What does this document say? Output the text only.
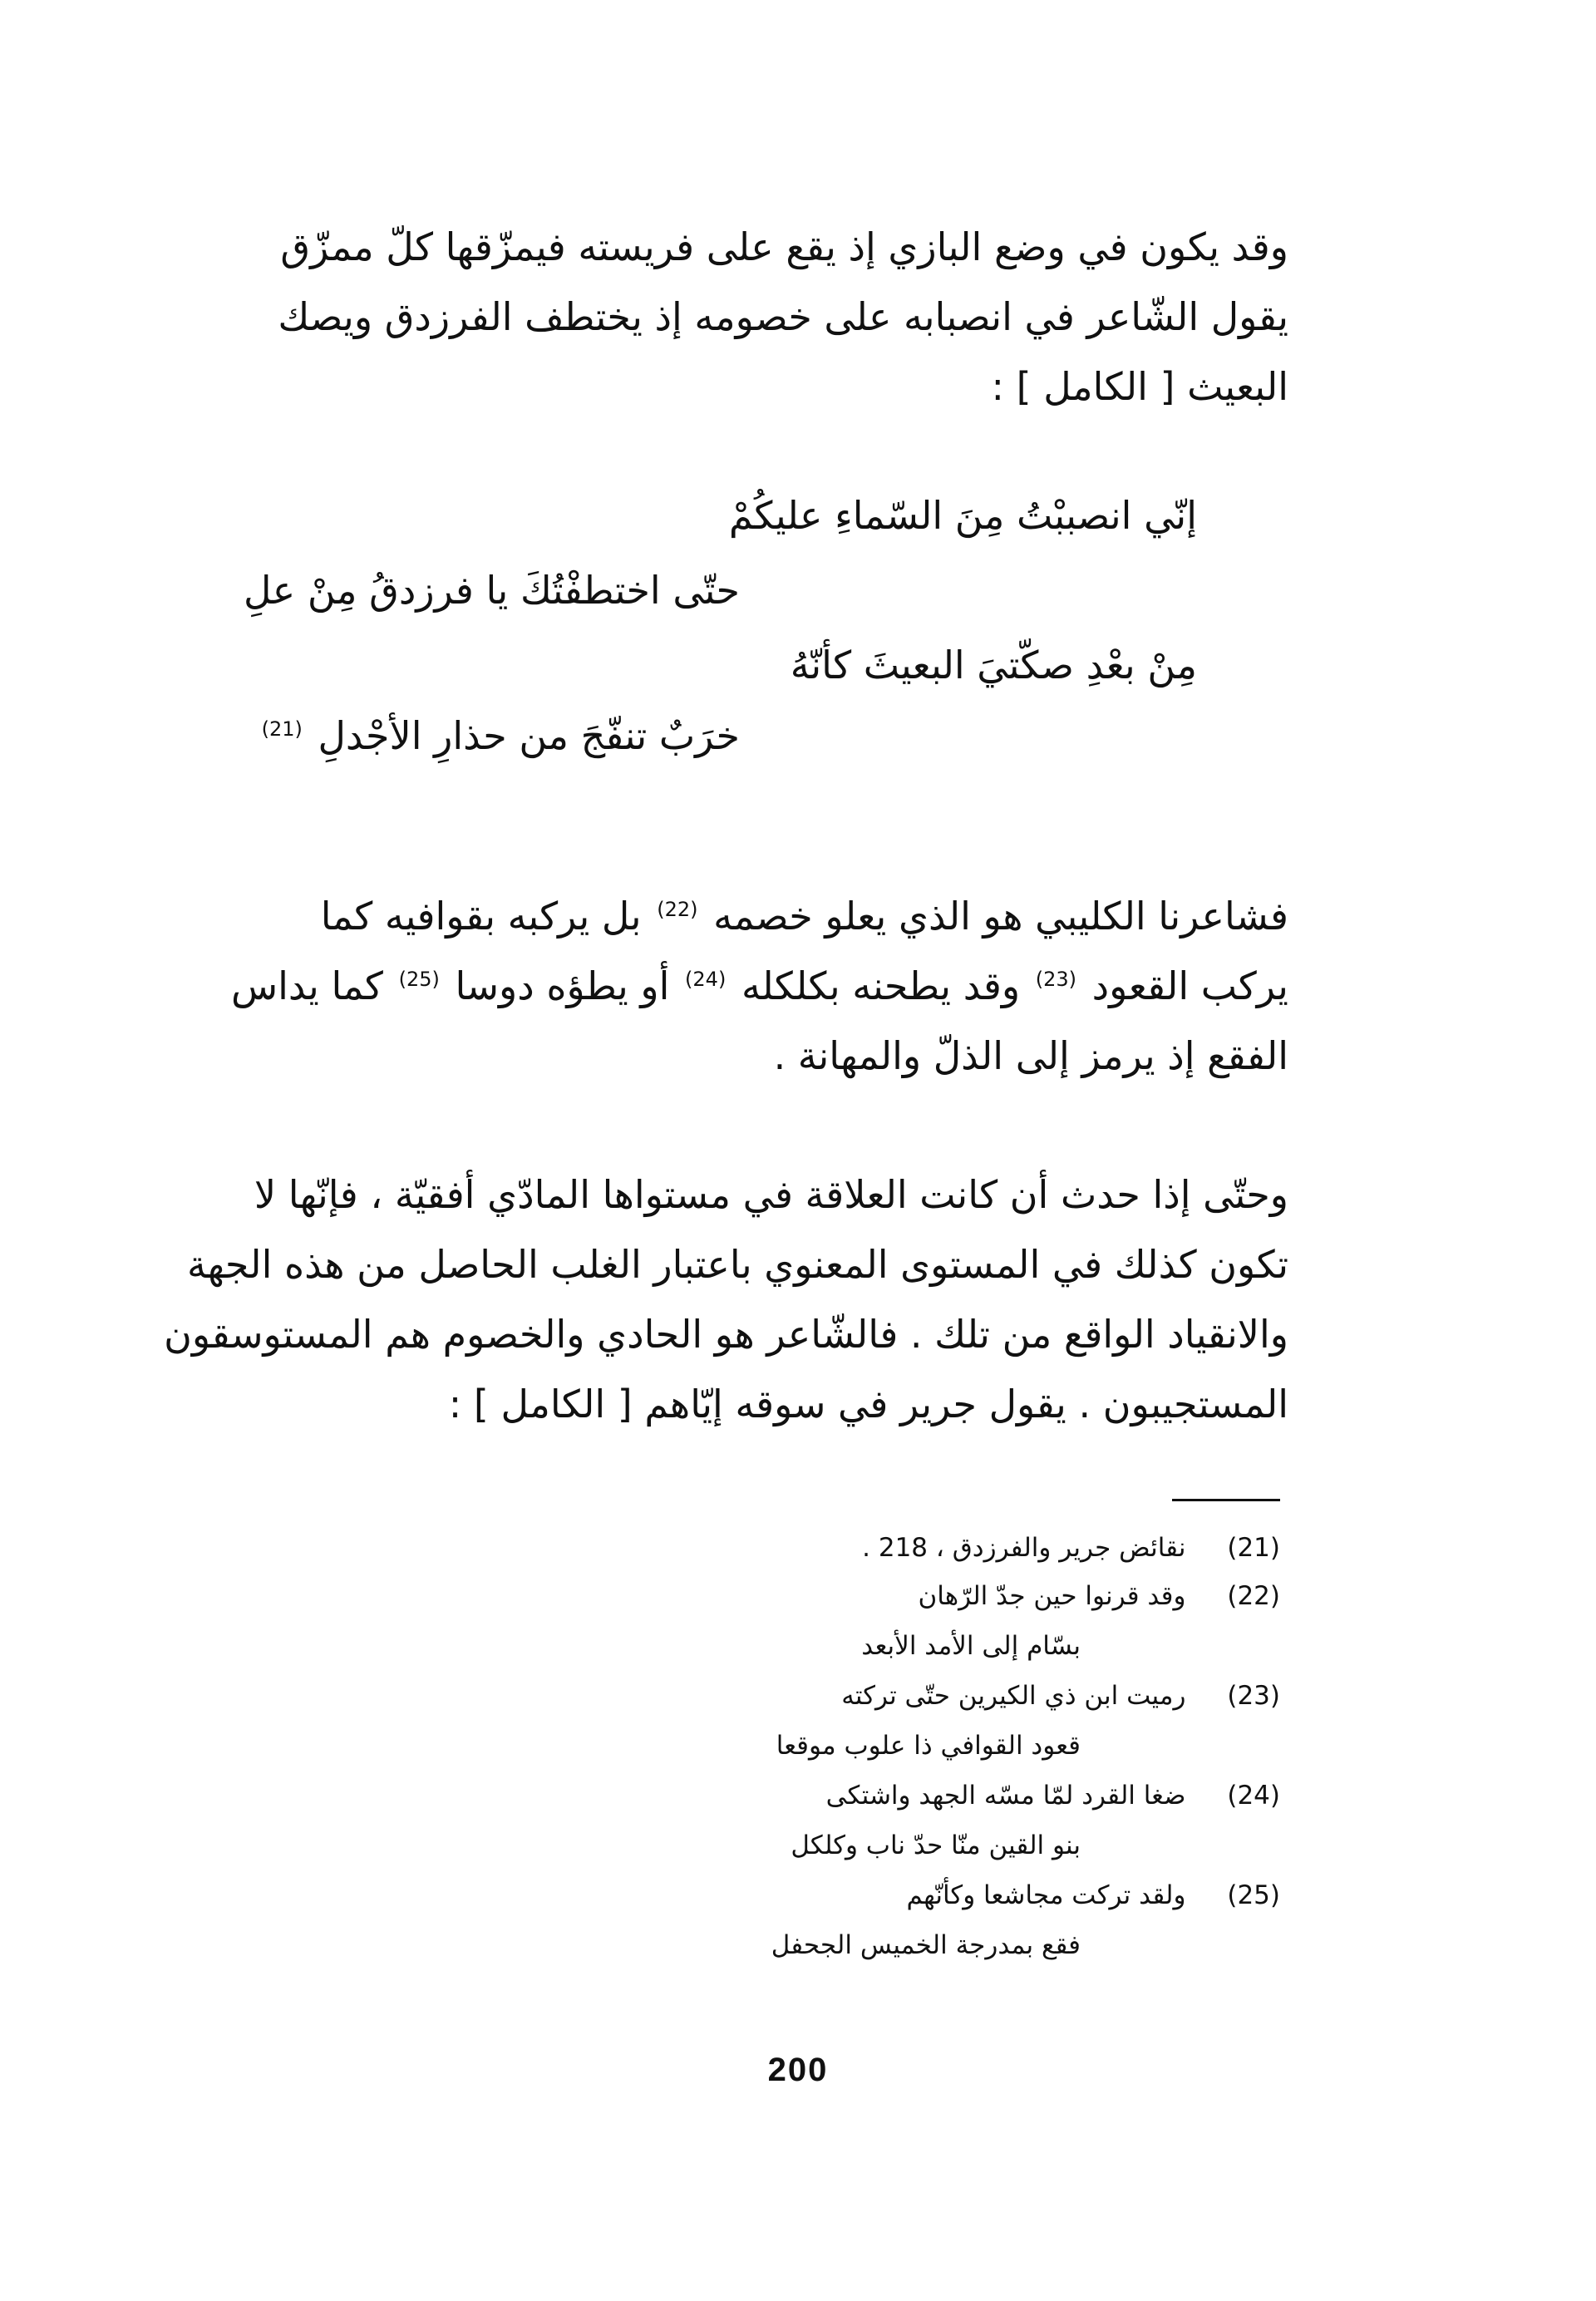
وقد يكون في وضع البازي إذ يقع على فريسته فيمزّقها كلّ ممزّق
يقول الشّاعر في انصبابه على خصومه إذ يختطف الفرزدق ويصك
البعيث [ الكامل ] :

إنّي انصببْتُ مِنَ السّماءِ عليكُمْ
حتّى اختطفْتُكَ يا فرزدقُ مِنْ علِ
مِنْ بعْدِ صكّتيَ البعيثَ كأنّهُ
خرَبٌ تنفّجَ من حذارِ الأجْدلِ $^{(21)}$

فشاعرنا الكليبي هو الذي يعلو خصمه $^{(22)}$ بل يركبه بقوافيه كما
يركب القعود $^{(23)}$ وقد يطحنه بكلكله $^{(24)}$ أو يطؤه دوسا $^{(25)}$ كما يداس
الفقع إذ يرمز إلى الذلّ والمهانة .

وحتّى إذا حدث أن كانت العلاقة في مستواها المادّي أفقيّة ، فإنّها لا
تكون كذلك في المستوى المعنوي باعتبار الغلب الحاصل من هذه الجهة
والانقياد الواقع من تلك . فالشّاعر هو الحادي والخصوم هم المستوسقون
المستجيبون . يقول جرير في سوقه إيّاهم [ الكامل ] :

(21) نقائض جرير والفرزدق ، 218 .
(22) وقد قرنوا حين جدّ الرّهان
بسّام إلى الأمد الأبعد
(23) رميت ابن ذي الكيرين حتّى تركته
قعود القوافي ذا علوب موقعا
(24) ضغا القرد لمّا مسّه الجهد واشتكى
بنو القين منّا حدّ ناب وكلكل
(25) ولقد تركت مجاشعا وكأنّهم
فقع بمدرجة الخميس الجحفل
200
